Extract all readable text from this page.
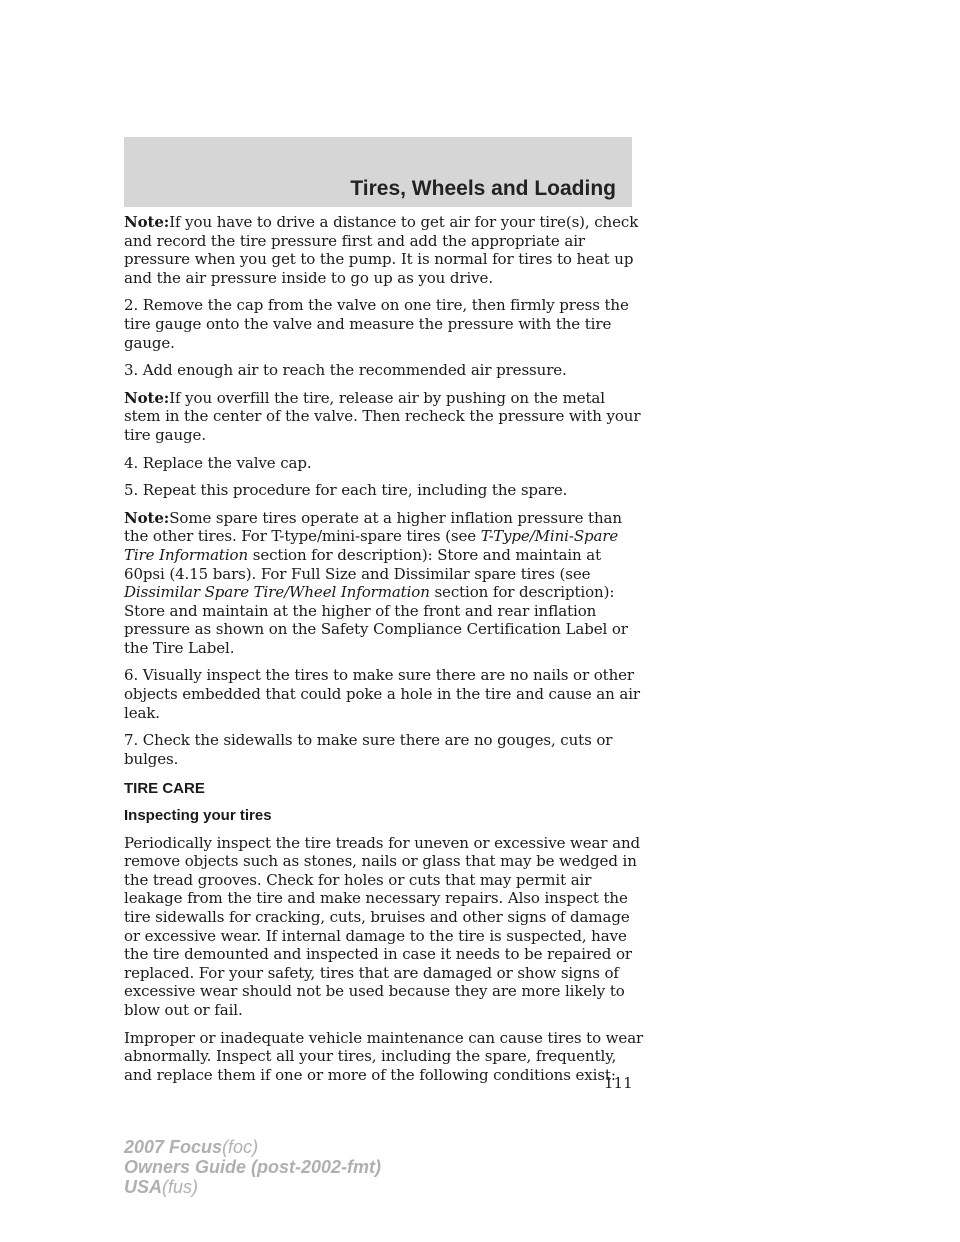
Tires, Wheels and Loading

Note:If you have to drive a distance to get air for your tire(s), check and record the tire pressure first and add the appropriate air pressure when you get to the pump. It is normal for tires to heat up and the air pressure inside to go up as you drive.

2. Remove the cap from the valve on one tire, then firmly press the tire gauge onto the valve and measure the pressure with the tire gauge.

3. Add enough air to reach the recommended air pressure.

Note:If you overfill the tire, release air by pushing on the metal stem in the center of the valve. Then recheck the pressure with your tire gauge.

4. Replace the valve cap.

5. Repeat this procedure for each tire, including the spare.

Note:Some spare tires operate at a higher inflation pressure than the other tires. For T-type/mini-spare tires (see T-Type/Mini-Spare Tire Information section for description): Store and maintain at 60psi (4.15 bars). For Full Size and Dissimilar spare tires (see Dissimilar Spare Tire/Wheel Information section for description): Store and maintain at the higher of the front and rear inflation pressure as shown on the Safety Compliance Certification Label or the Tire Label.

6. Visually inspect the tires to make sure there are no nails or other objects embedded that could poke a hole in the tire and cause an air leak.

7. Check the sidewalls to make sure there are no gouges, cuts or bulges.

TIRE CARE
Inspecting your tires

Periodically inspect the tire treads for uneven or excessive wear and remove objects such as stones, nails or glass that may be wedged in the tread grooves. Check for holes or cuts that may permit air leakage from the tire and make necessary repairs. Also inspect the tire sidewalls for cracking, cuts, bruises and other signs of damage or excessive wear. If internal damage to the tire is suspected, have the tire demounted and inspected in case it needs to be repaired or replaced. For your safety, tires that are damaged or show signs of excessive wear should not be used because they are more likely to blow out or fail.

Improper or inadequate vehicle maintenance can cause tires to wear abnormally. Inspect all your tires, including the spare, frequently, and replace them if one or more of the following conditions exist:

111
2007 Focus(foc)
Owners Guide (post-2002-fmt)
USA(fus)
